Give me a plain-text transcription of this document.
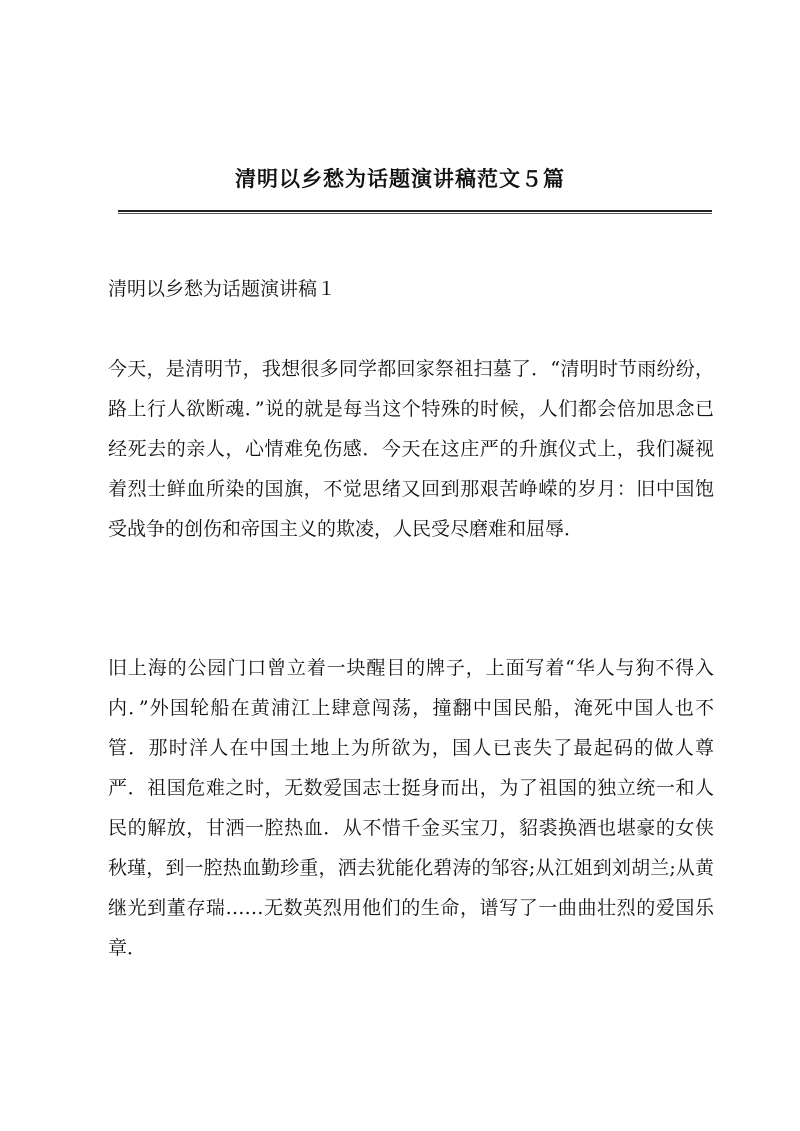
清明以乡愁为话题演讲稿范文５篇
清明以乡愁为话题演讲稿１

今天，是清明节，我想很多同学都回家祭祖扫墓了．“清明时节雨纷纷，路上行人欲断魂．”说的就是每当这个特殊的时候，人们都会倍加思念已经死去的亲人，心情难免伤感．今天在这庄严的升旗仪式上，我们凝视着烈士鲜血所染的国旗，不觉思绪又回到那艰苦峥嵘的岁月：旧中国饱受战争的创伤和帝国主义的欺凌，人民受尽磨难和屈辱．

旧上海的公园门口曾立着一块醒目的牌子，上面写着“华人与狗不得入内．”外国轮船在黄浦江上肆意闯荡，撞翻中国民船，淹死中国人也不管．那时洋人在中国土地上为所欲为，国人已丧失了最起码的做人尊严．祖国危难之时，无数爱国志士挺身而出，为了祖国的独立统一和人民的解放，甘洒一腔热血．从不惜千金买宝刀，貂裘换酒也堪豪的女侠秋瑾，到一腔热血勤珍重，洒去犹能化碧涛的邹容;从江姐到刘胡兰;从黄继光到董存瑞……无数英烈用他们的生命，谱写了一曲曲壮烈的爱国乐章．
